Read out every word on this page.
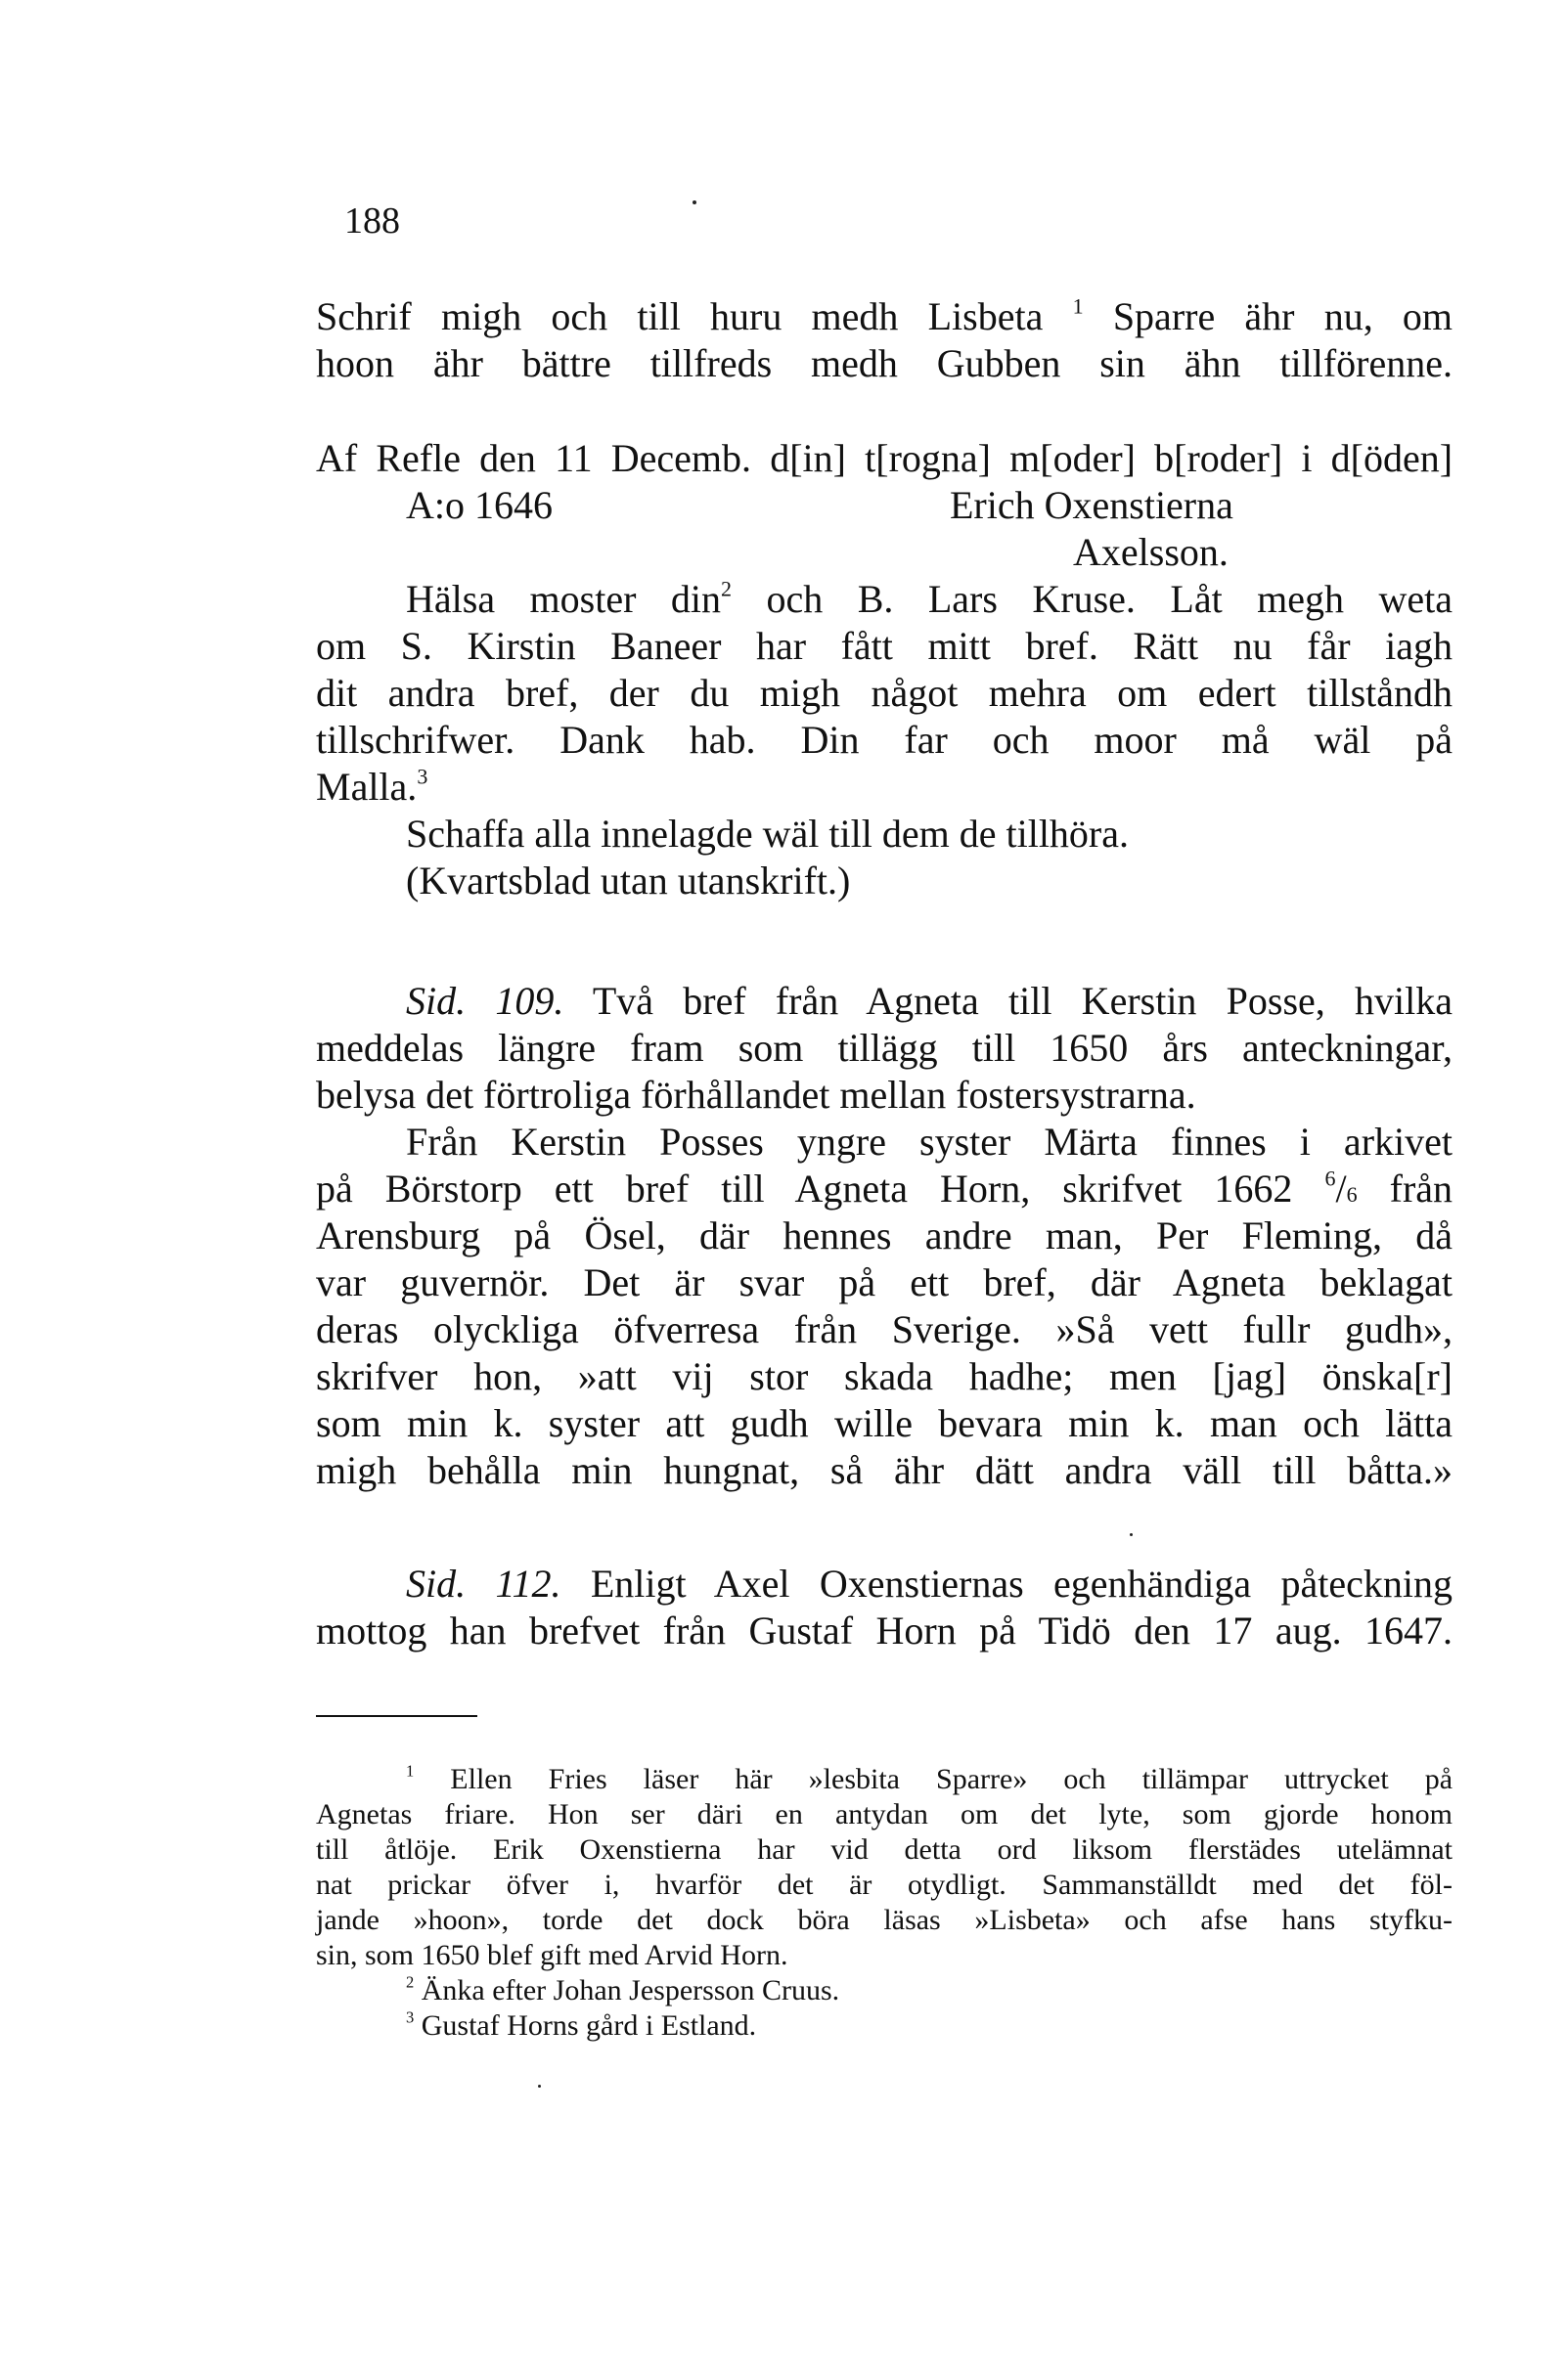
188
Schrif migh och till huru medh Lisbeta $^1$ Sparre ähr nu, om
hoon ähr bättre tillfreds medh Gubben sin ähn tillförenne.
Af Refle den 11 Decemb. d[in] t[rogna] m[oder] b[roder] i d[öden]
A:o 1646	Erich Oxenstierna
Axelsson.
Hälsa moster din$^2$ och B. Lars Kruse. Låt megh weta
om S. Kirstin Baneer har fått mitt bref. Rätt nu får iagh
dit andra bref, der du migh något mehra om edert tillståndh
tillschrifwer. Dank hab. Din far och moor må wäl på
Malla.$^3$
Schaffa alla innelagde wäl till dem de tillhöra.
(Kvartsblad utan utanskrift.)
Sid. 109. Två bref från Agneta till Kerstin Posse, hvilka
meddelas längre fram som tillägg till 1650 års anteckningar,
belysa det förtroliga förhållandet mellan fostersystrarna.
Från Kerstin Posses yngre syster Märta finnes i arkivet
på Börstorp ett bref till Agneta Horn, skrifvet 1662 $^6$/6 från
Arensburg på Ösel, där hennes andre man, Per Fleming, då
var guvernör. Det är svar på ett bref, där Agneta beklagat
deras olyckliga öfverresa från Sverige. »Så vett fullr gudh»,
skrifver hon, »att vij stor skada hadhe; men [jag] önska[r]
som min k. syster att gudh wille bevara min k. man och lätta
migh behålla min hungnat, så ähr dätt andra väll till båtta.»
Sid. 112. Enligt Axel Oxenstiernas egenhändiga påteckning
mottog han brefvet från Gustaf Horn på Tidö den 17 aug. 1647.
$^1$ Ellen Fries läser här »lesbita Sparre» och tillämpar uttrycket på
Agnetas friare. Hon ser däri en antydan om det lyte, som gjorde honom
till åtlöje. Erik Oxenstierna har vid detta ord liksom flerstädes utelämnat
nat prickar öfver i, hvarför det är otydligt. Sammanställdt med det föl-
jande »hoon», torde det dock böra läsas »Lisbeta» och afse hans styfku-
sin, som 1650 blef gift med Arvid Horn.
$^2$ Änka efter Johan Jespersson Cruus.
$^3$ Gustaf Horns gård i Estland.
